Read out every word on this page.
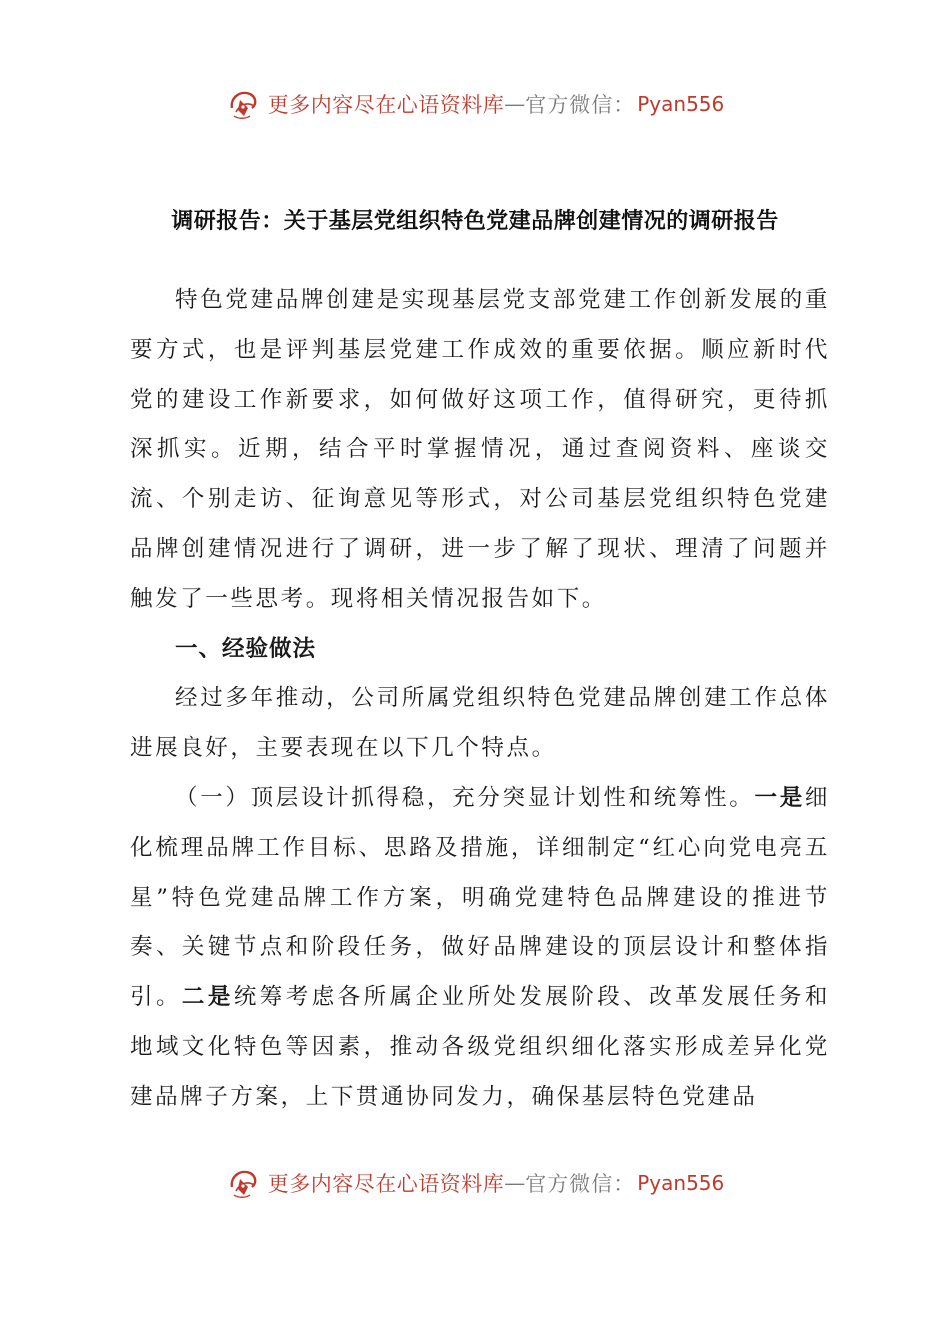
更多内容尽在心语资料库 — 官方微信： Pyan556
调研报告：关于基层党组织特色党建品牌创建情况的调研报告

特色党建品牌创建是实现基层党支部党建工作创新发展的重要方式，也是评判基层党建工作成效的重要依据。顺应新时代党的建设工作新要求，如何做好这项工作，值得研究，更待抓深抓实。近期，结合平时掌握情况，通过查阅资料、座谈交流、个别走访、征询意见等形式，对公司基层党组织特色党建品牌创建情况进行了调研，进一步了解了现状、理清了问题并触发了一些思考。现将相关情况报告如下。

一、经验做法

经过多年推动，公司所属党组织特色党建品牌创建工作总体进展良好，主要表现在以下几个特点。

（一）顶层设计抓得稳，充分突显计划性和统筹性。一是细化梳理品牌工作目标、思路及措施，详细制定“红心向党电亮五星”特色党建品牌工作方案，明确党建特色品牌建设的推进节奏、关键节点和阶段任务，做好品牌建设的顶层设计和整体指引。二是统筹考虑各所属企业所处发展阶段、改革发展任务和地域文化特色等因素，推动各级党组织细化落实形成差异化党建品牌子方案，上下贯通协同发力，确保基层特色党建品

更多内容尽在心语资料库 — 官方微信： Pyan556
